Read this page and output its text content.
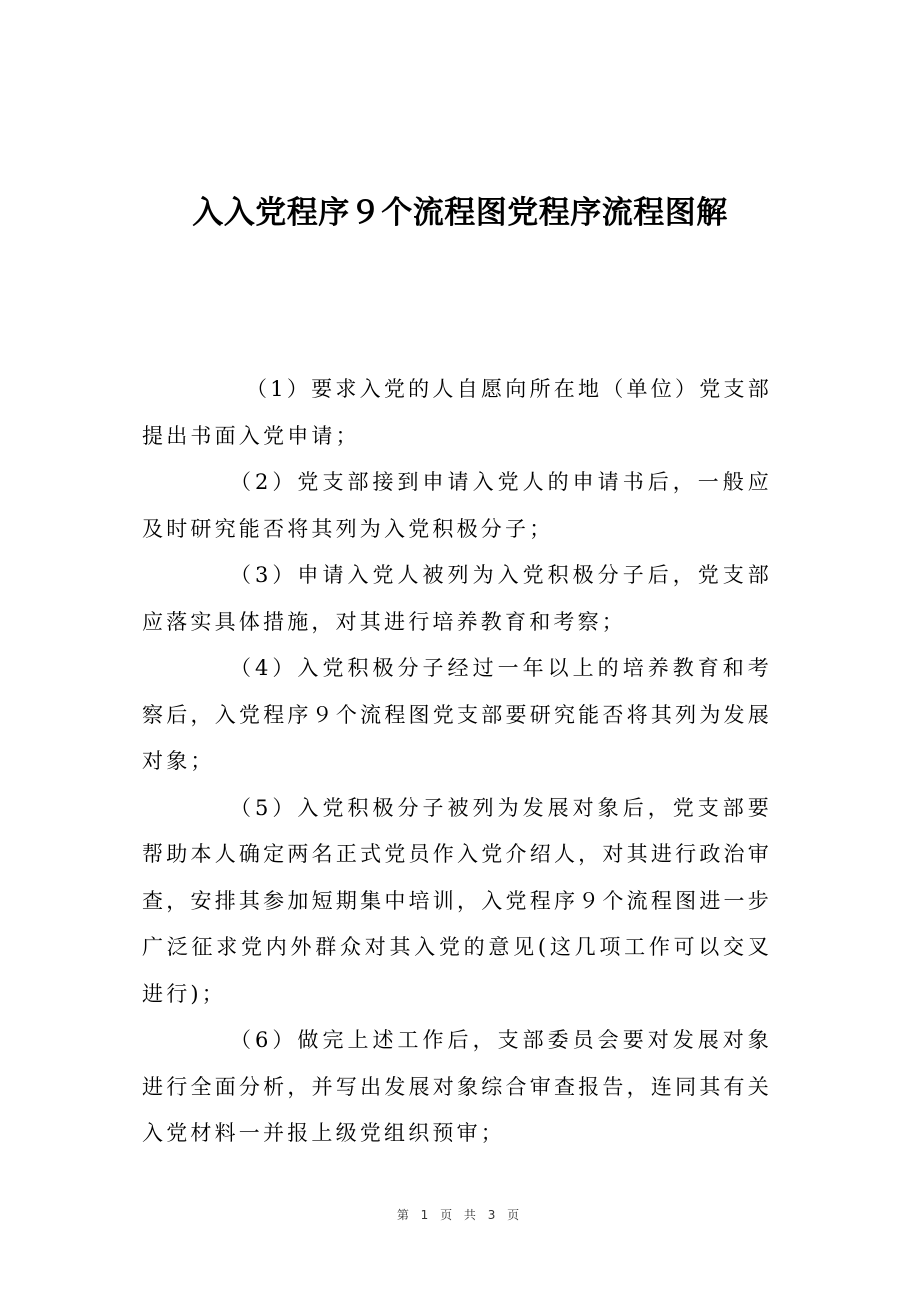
入入党程序９个流程图党程序流程图解

（1）要求入党的人自愿向所在地（单位）党支部提出书面入党申请；

（2）党支部接到申请入党人的申请书后，一般应及时研究能否将其列为入党积极分子；

（3）申请入党人被列为入党积极分子后，党支部应落实具体措施，对其进行培养教育和考察；

（4）入党积极分子经过一年以上的培养教育和考察后，入党程序９个流程图党支部要研究能否将其列为发展对象；

（5）入党积极分子被列为发展对象后，党支部要帮助本人确定两名正式党员作入党介绍人，对其进行政治审查，安排其参加短期集中培训，入党程序９个流程图进一步广泛征求党内外群众对其入党的意见(这几项工作可以交叉进行)；

（6）做完上述工作后，支部委员会要对发展对象进行全面分析，并写出发展对象综合审查报告，连同其有关入党材料一并报上级党组织预审；

第 1 页 共 3 页
